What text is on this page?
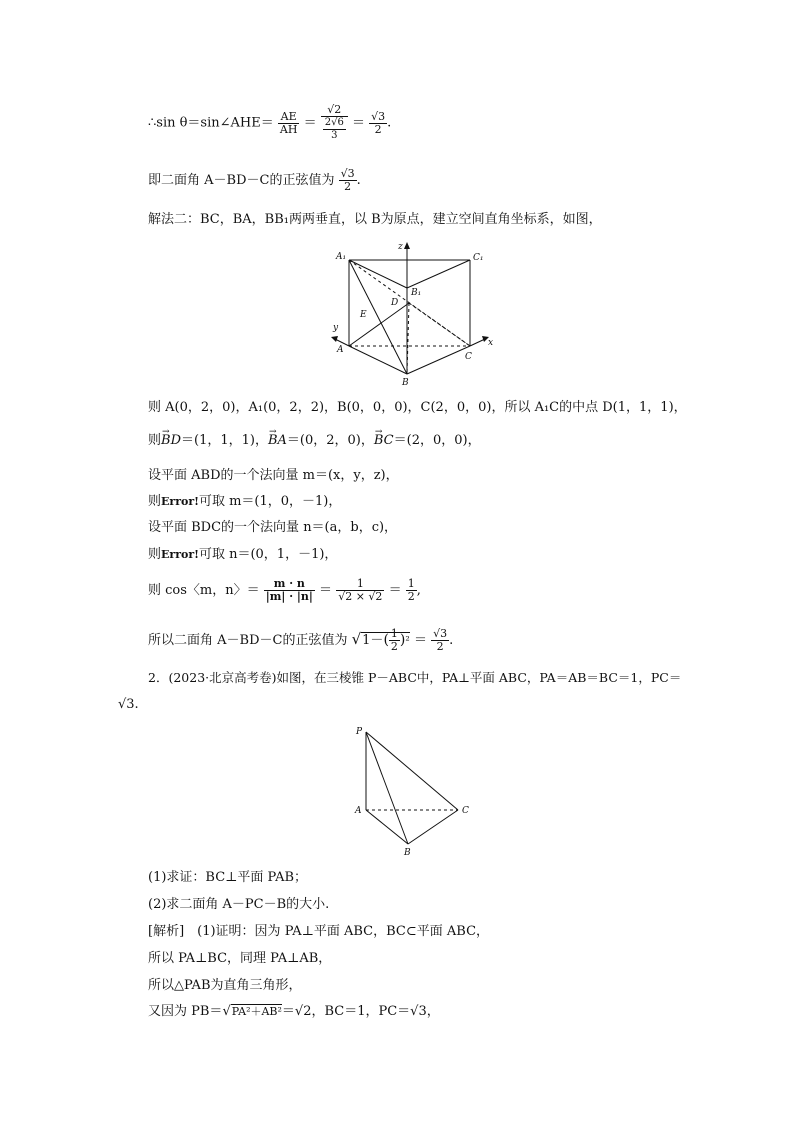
∴sin θ＝sin∠AHE＝ $\frac{AE}{AH} = \frac{√2}{\frac{2√6}{3}} = \frac{√3}{2}$ .
即二面角 A－BD－C的正弦值为 $\frac{√3}{2}$ .
解法二：BC，BA，BB₁两两垂直，以 B为原点，建立空间直角坐标系，如图，
A₁	C₁
B₁
z
D
E
y
A
B
C
x
则 A(0，2，0)，A₁(0，2，2)，B(0，0，0)，C(2，0，0)，所以 A₁C的中点 D(1，1，1)，
则→ BD＝(1，1，1)，→ BA＝(0，2，0)，→ BC＝(2，0，0)，
设平面 ABD的一个法向量 m＝(x，y，z)，
则Error!可取 m＝(1，0，－1)，
设平面 BDC的一个法向量 n＝(a，b，c)，
则Error!可取 n＝(0，1，－1)，
则 cos〈m，n〉＝ $\frac{m \cdot n}{|m| \cdot |n|} = \frac{1}{√2 \times √2} = \frac{1}{2}$ ,
所以二面角 A－BD－C的正弦值为 $√1-( \frac{1}{2} )^2 = \frac{√3}{2}$ .
2．(2023·北京高考卷)如图，在三棱锥 P－ABC中，PA⊥平面 ABC，PA＝AB＝BC＝1，PC＝
√3.
P
A
B
C
(1)求证：BC⊥平面 PAB；
(2)求二面角 A－PC－B的大小.
[解析]　(1)证明：因为 PA⊥平面 ABC，BC⊂平面 ABC，
所以 PA⊥BC，同理 PA⊥AB，
所以△PAB为直角三角形，
又因为 PB＝√PA²＋AB²＝√2，BC＝1，PC＝√3，
